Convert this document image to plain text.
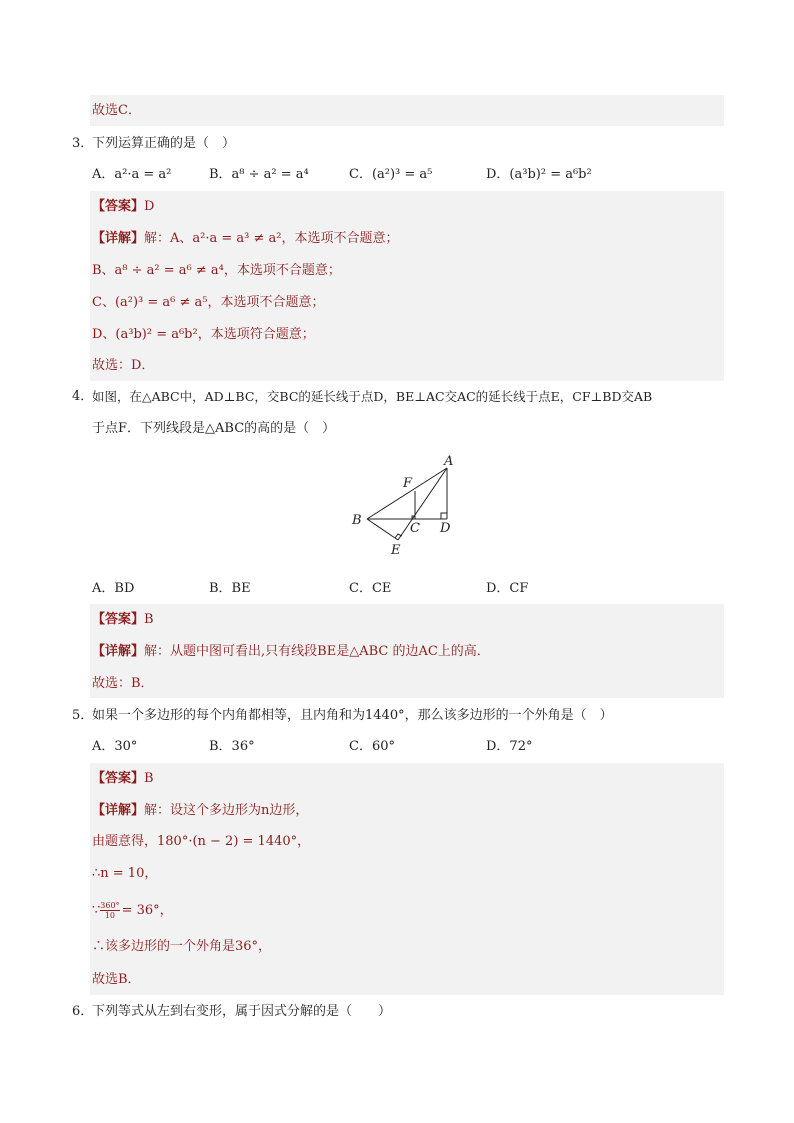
故选C．
3．
下列运算正确的是（　）
A．a²·a = a²	B．a⁸ ÷ a² = a⁴	C．(a²)³ = a⁵	D．(a³b)² = a⁶b²
【答案】D
【详解】解：A、a²·a = a³ ≠ a²，本选项不合题意；
B、a⁸ ÷ a² = a⁶ ≠ a⁴，本选项不合题意；
C、(a²)³ = a⁶ ≠ a⁵，本选项不合题意；
D、(a³b)² = a⁶b²，本选项符合题意；
故选：D．
4．
如图，在△ABC中，AD⊥BC，交BC的延长线于点D，BE⊥AC交AC的延长线于点E，CF⊥BD交AB
于点F．下列线段是△ABC的高的是（　）
A
B
C D
E
F
A．BD	B．BE	C．CE	D．CF
【答案】B
【详解】解：从题中图可看出,只有线段BE是△ABC 的边AC上的高．
故选：B．
5．
如果一个多边形的每个内角都相等，且内角和为1440°，那么该多边形的一个外角是（　）
A．30°	B．36°	C．60°	D．72°
【答案】B
【详解】解：设这个多边形为n边形，
由题意得，180°·(n − 2) = 1440°，
∴n = 10，
∵ $\frac{360^\circ}{10} = 36^\circ$，
∴该多边形的一个外角是36°，
故选B．
6．
下列等式从左到右变形，属于因式分解的是（　　）
